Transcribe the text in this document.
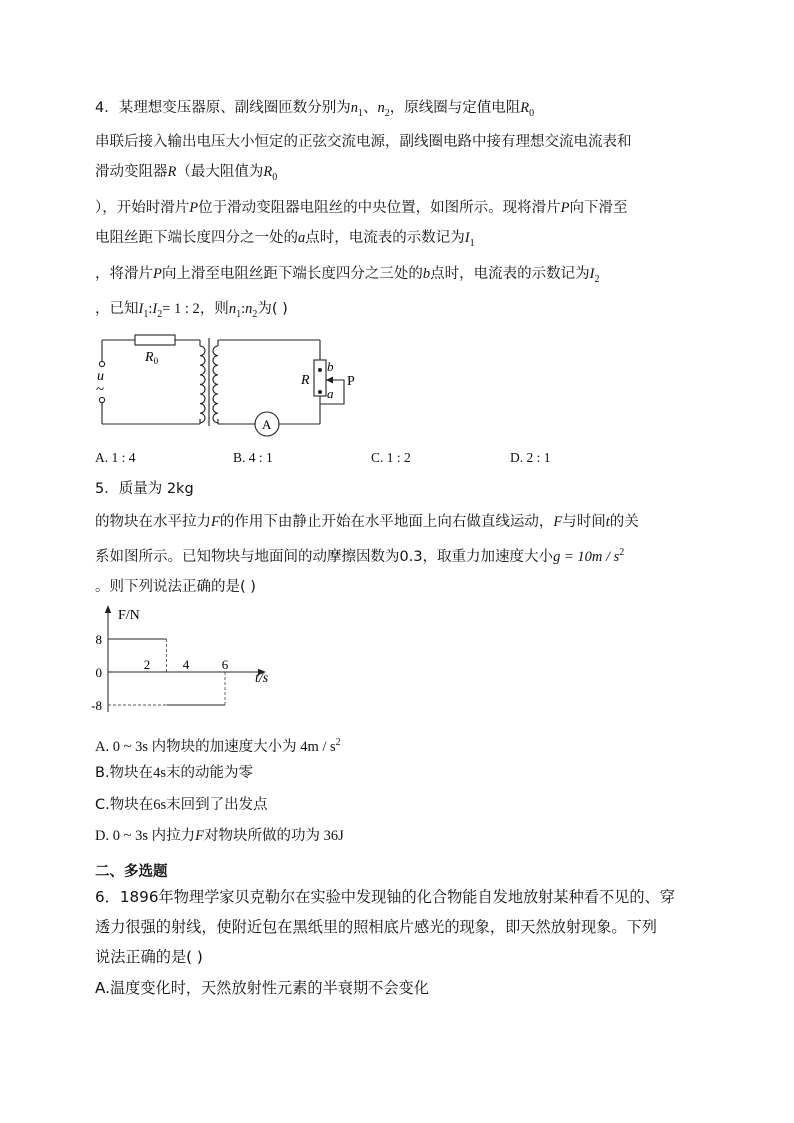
4．某理想变压器原、副线圈匝数分别为$n_1$、$n_2$，原线圈与定值电阻$R_0$
串联后接入输出电压大小恒定的正弦交流电源，副线圈电路中接有理想交流电流表和
滑动变阻器R（最大阻值为$R_0$
），开始时滑片P位于滑动变阻器电阻丝的中央位置，如图所示。现将滑片P向下滑至
电阻丝距下端长度四分之一处的a点时，电流表的示数记为$I_1$
，将滑片P向上滑至电阻丝距下端长度四分之三处的b点时，电流表的示数记为$I_2$
，已知$I_1:I_2= 1$ : 2，则$n_1:n_2$为( )
$R_0$
u
~
R
b
a
P
A
A. 1 : 4	B. 4 : 1	C. 1 : 2	D. 2 : 1
5．质量为 2kg
的物块在水平拉力F的作用下由静止开始在水平地面上向右做直线运动，F与时间t的关
系如图所示。已知物块与地面间的动摩擦因数为0.3，取重力加速度大小$g = 10m / s^2$
。则下列说法正确的是( )
F/N
t/s
8
0
-8
2	4	6
A. 0 ~ 3s 内物块的加速度大小为 $4m / s^2$
B.物块在4s末的动能为零
C.物块在6s末回到了出发点
D. 0 ~ 3s 内拉力F对物块所做的功为 36J
二、多选题
6．1896年物理学家贝克勒尔在实验中发现铀的化合物能自发地放射某种看不见的、穿
透力很强的射线，使附近包在黑纸里的照相底片感光的现象，即天然放射现象。下列
说法正确的是( )
A.温度变化时，天然放射性元素的半衰期不会变化
